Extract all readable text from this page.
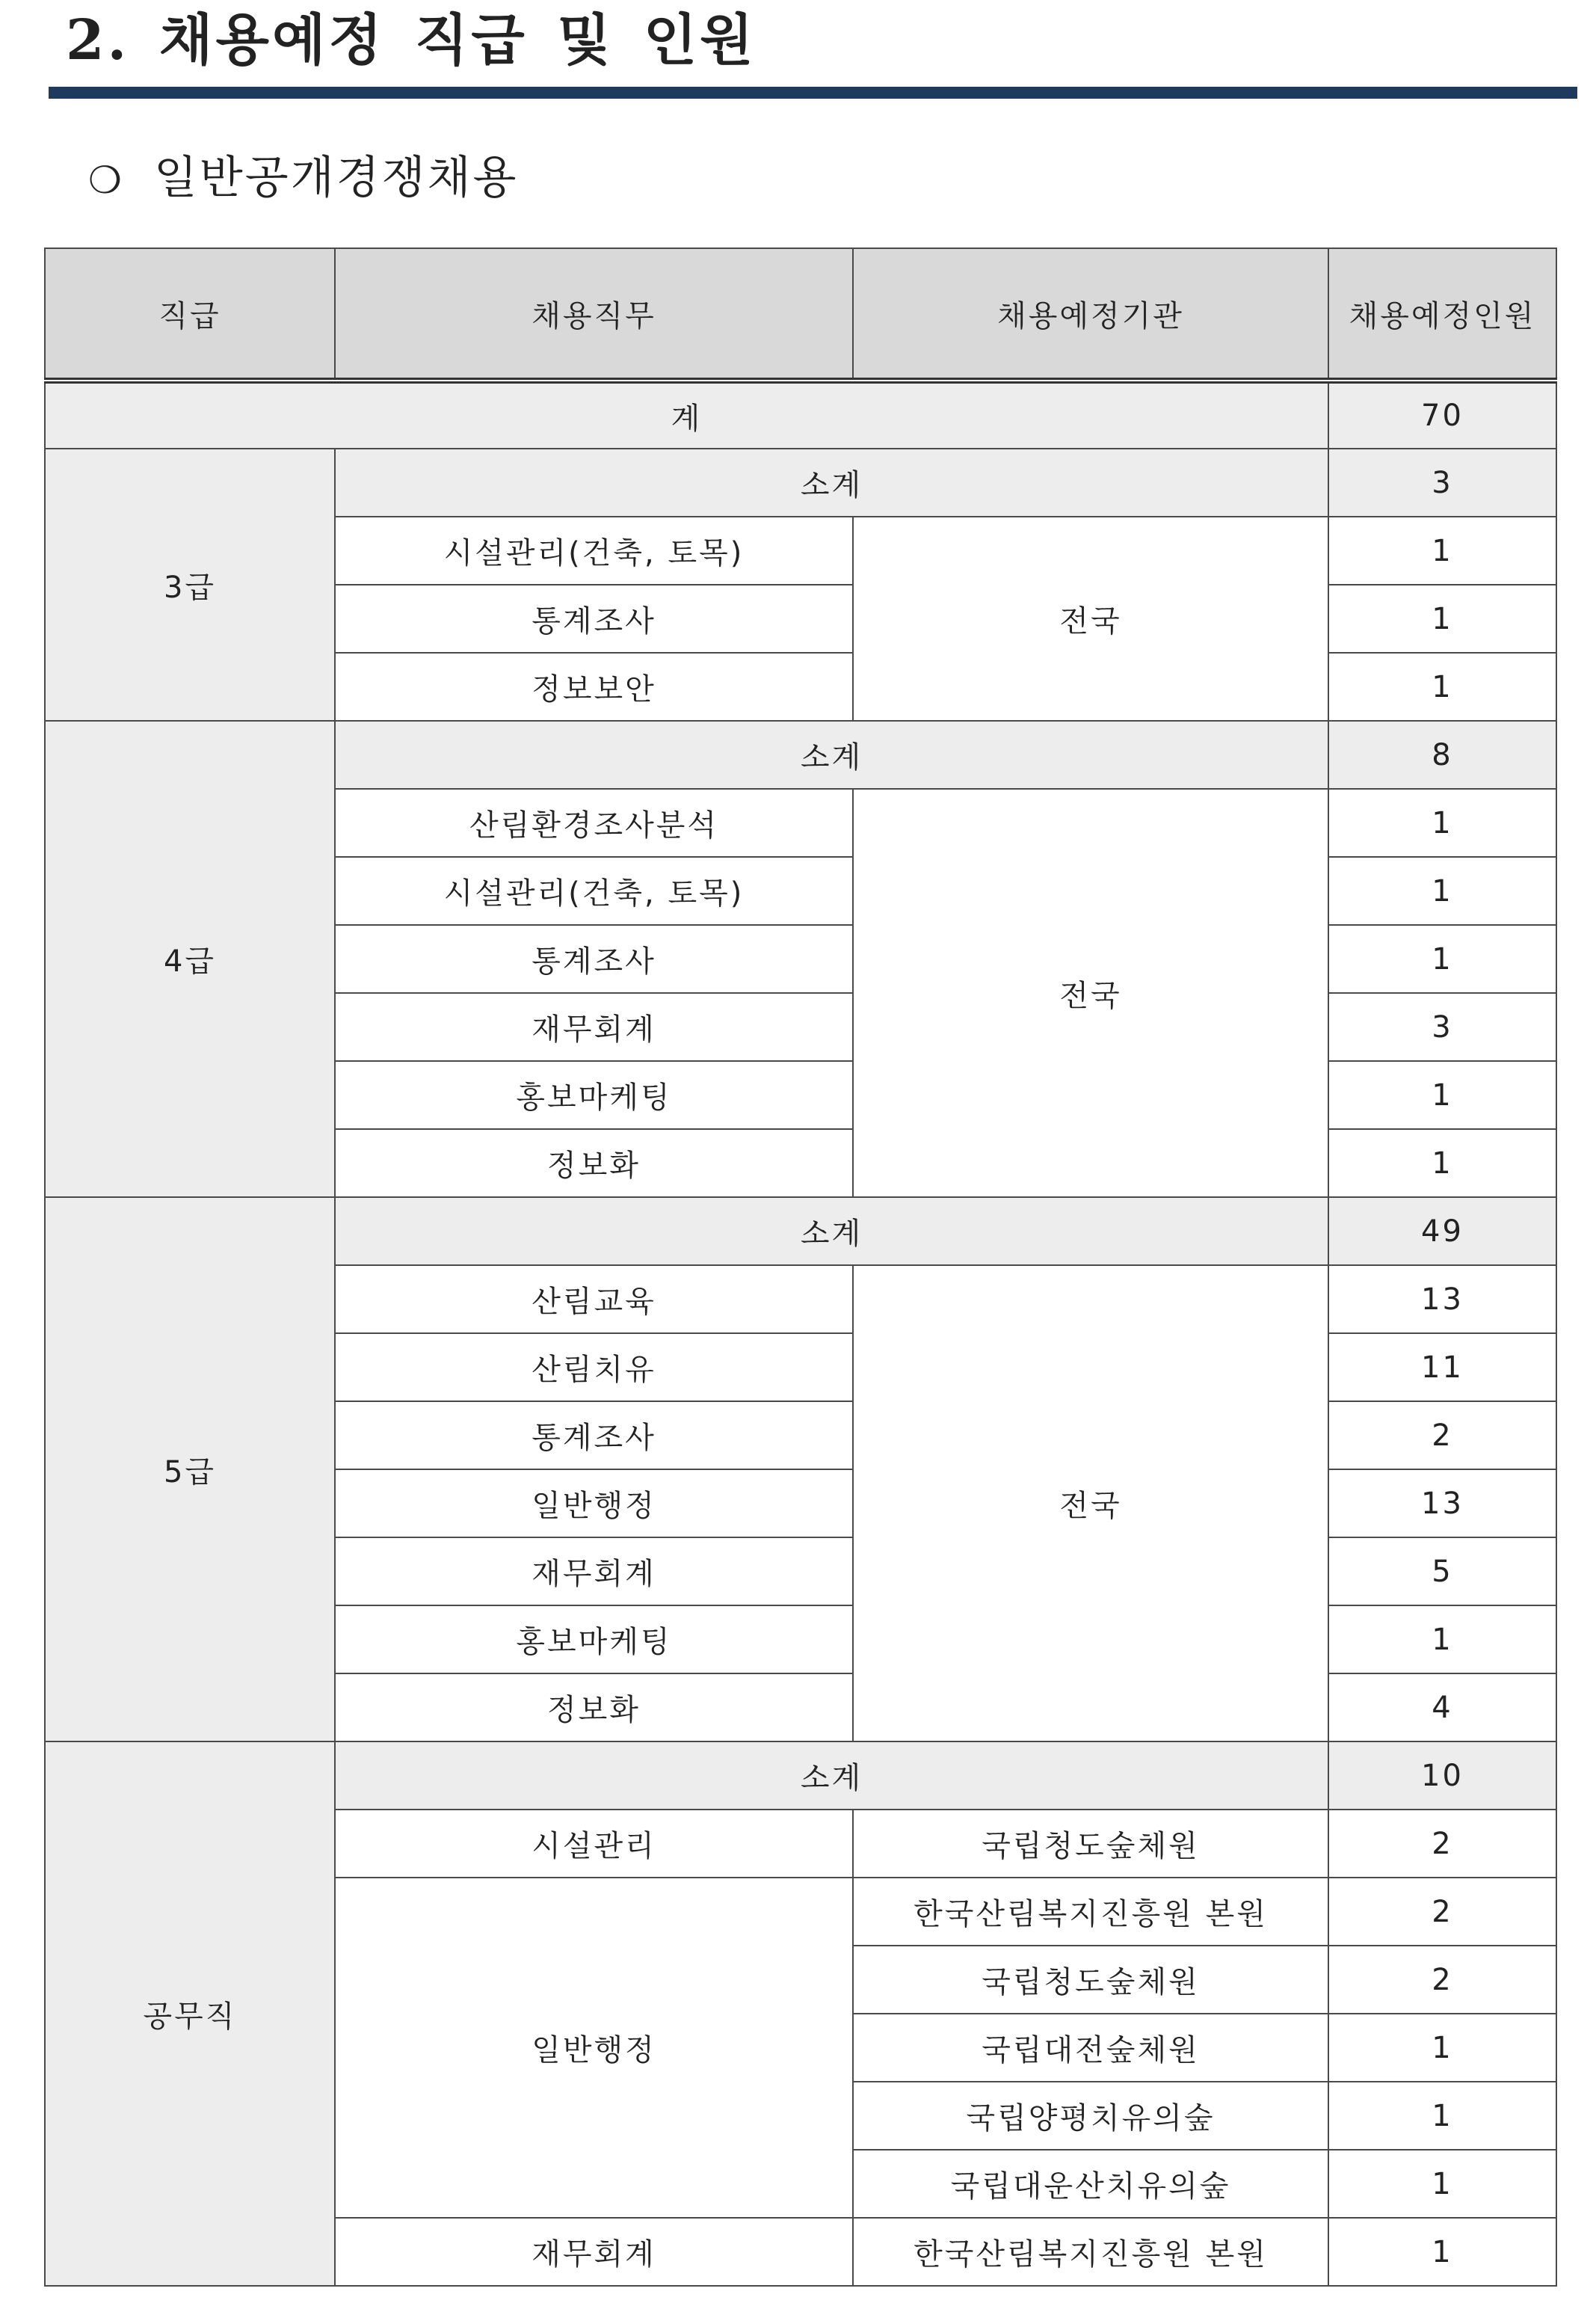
2. 채용예정 직급 및 인원
❍ 일반공개경쟁채용
직급	채용직무	채용예정기관	채용예정인원
계			70
3급	소계		3
	시설관리(건축, 토목)	전국	1
	통계조사		1
	정보보안		1
4급	소계		8
	산림환경조사분석	전국	1
	시설관리(건축, 토목)		1
	통계조사		1
	재무회계		3
	홍보마케팅		1
	정보화		1
5급	소계		49
	산림교육	전국	13
	산림치유		11
	통계조사		2
	일반행정		13
	재무회계		5
	홍보마케팅		1
	정보화		4
공무직	소계		10
	시설관리	국립청도숲체원	2
	일반행정	한국산림복지진흥원 본원	2
		국립청도숲체원	2
		국립대전숲체원	1
		국립양평치유의숲	1
		국립대운산치유의숲	1
	재무회계	한국산림복지진흥원 본원	1
